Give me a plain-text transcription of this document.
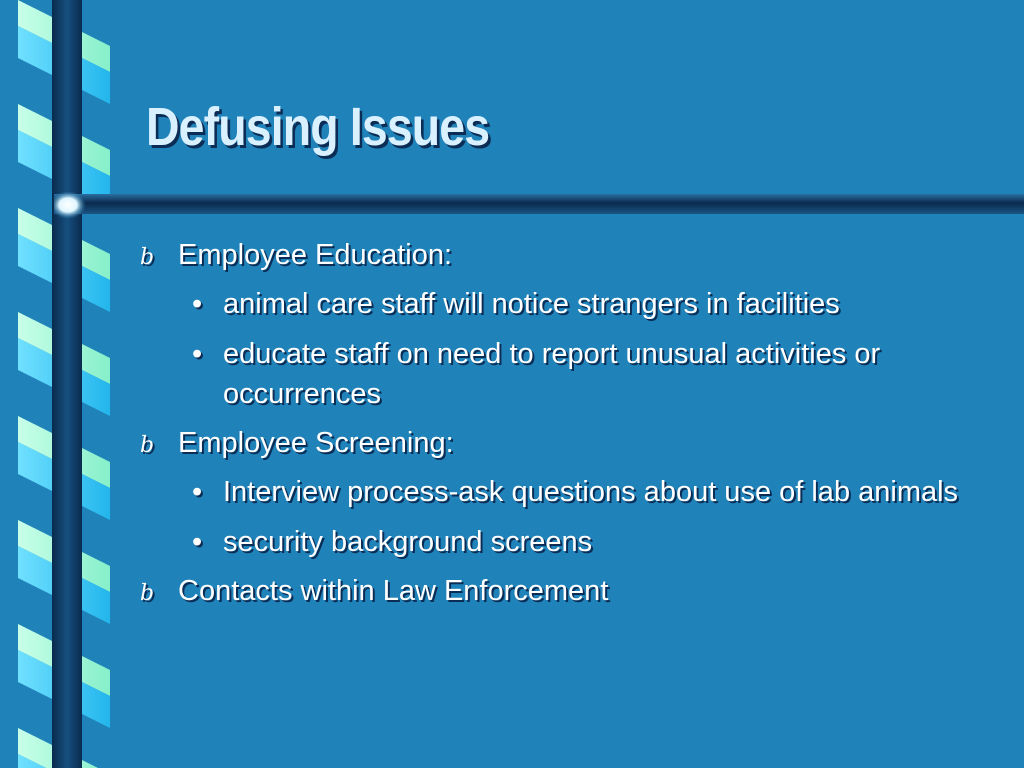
Defusing Issues
b Employee Education:
• animal care staff will notice strangers in facilities
• educate staff on need to report unusual activities or occurrences
b Employee Screening:
• Interview process-ask questions about use of lab animals
• security background screens
b Contacts within Law Enforcement
